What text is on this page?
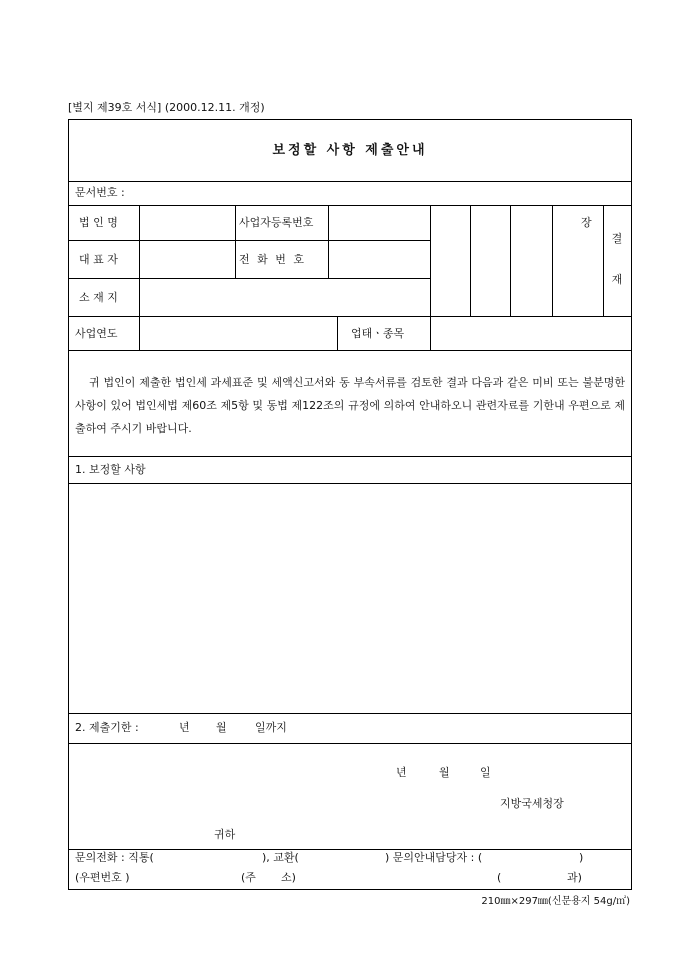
[별지 제39호 서식] (2000.12.11. 개정)
보정할 사항 제출안내
문서번호 :
법 인 명	사업자등록번호
대 표 자	전 화 번 호
소 재 지
사업연도	업태ㆍ종목
장
결
재
귀 법인이 제출한 법인세 과세표준 및 세액신고서와 동 부속서류를 검토한 결과 다음과 같은 미비 또는 불분명한 사항이 있어 법인세법 제60조 제5항 및 동법 제122조의 규정에 의하여 안내하오니 관련자료를 기한내 우편으로 제출하여 주시기 바랍니다.
1. 보정할 사항
2. 제출기한 :	년 월	일까지
년	월	일
지방국세청장
귀하
문의전화 : 직통(	), 교환(	) 문의안내담당자 : (	)
(우편번호 )	(주 소)	(	과)
210㎜×297㎜(신문용지 54g/㎡)
